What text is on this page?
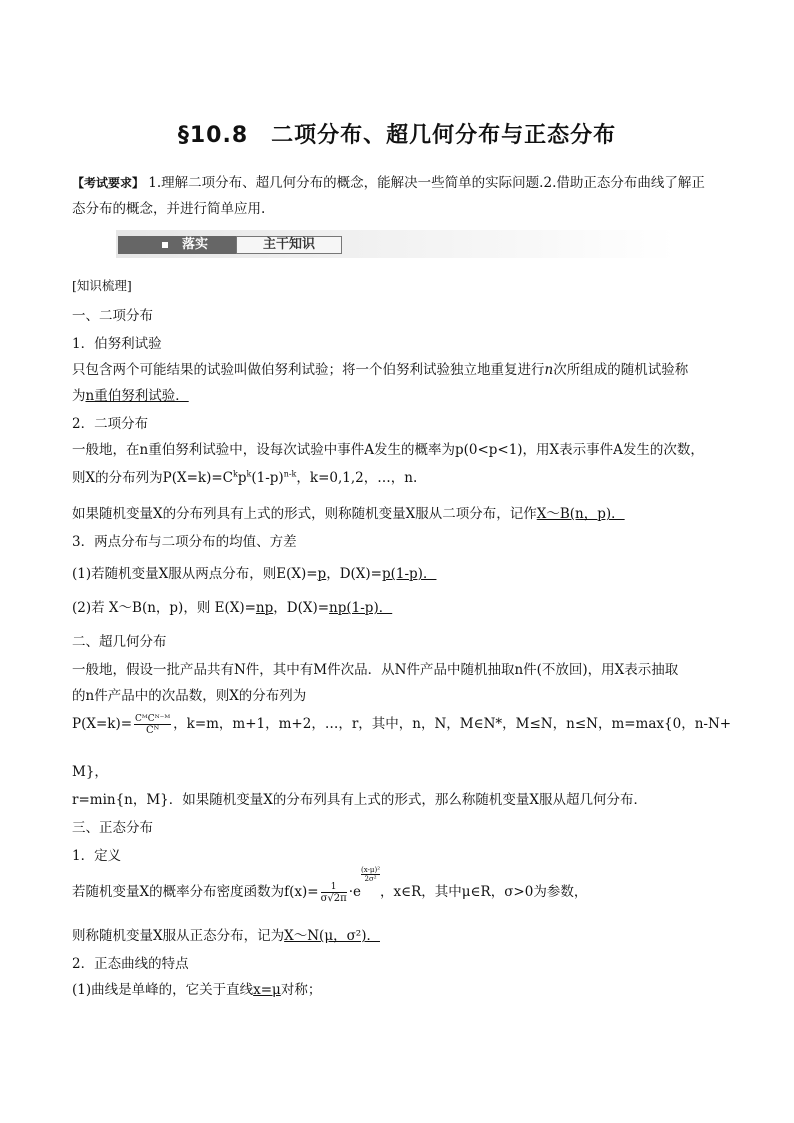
§10.8　二项分布、超几何分布与正态分布
【考试要求】 1.理解二项分布、超几何分布的概念，能解决一些简单的实际问题.2.借助正态分布曲线了解正
态分布的概念，并进行简单应用.
落实	主干知识
[知识梳理]
一、二项分布
1．伯努利试验
只包含两个可能结果的试验叫做伯努利试验；将一个伯努利试验独立地重复进行n次所组成的随机试验称
为n重伯努利试验．
2．二项分布
一般地，在n重伯努利试验中，设每次试验中事件A发生的概率为p(0<p<1)，用X表示事件A发生的次数，
则X的分布列为$P(X=k)=C^kp^k(1-p)^{n-k}$，k=0,1,2，…，n.
如果随机变量X的分布列具有上式的形式，则称随机变量X服从二项分布，记作X～B(n，p)．
3．两点分布与二项分布的均值、方差
(1)若随机变量X服从两点分布，则E(X)=p，D(X)=p(1-p)．
(2)若 X～B(n，p)，则 E(X)=np，D(X)=np(1-p)．
二、超几何分布
一般地，假设一批产品共有N件，其中有M件次品．从N件产品中随机抽取n件(不放回)，用X表示抽取
的n件产品中的次品数，则X的分布列为
$P(X=k)= \frac{\text{CᴹCᴺ⁻ᴹ}}{\text{Cᴺ}}$ ，k=m，m+1，m+2，…，r，其中，n，N，M∈N*，M≤N，n≤N，m=max{0，n-N+
M}，
r=min{n，M}．如果随机变量X的分布列具有上式的形式，那么称随机变量X服从超几何分布．
三、正态分布
1．定义
若随机变量X的概率分布密度函数为$f(x)= \frac{1}{\sigma√2\pi} \cdot e$
$\frac{\text{(x-μ)²}}{\text{2σ²}}$，x∈R，其中μ∈R，σ>0为参数，
则称随机变量X服从正态分布，记为X～N(μ，σ²)．
2．正态曲线的特点
(1)曲线是单峰的，它关于直线x=μ对称；
